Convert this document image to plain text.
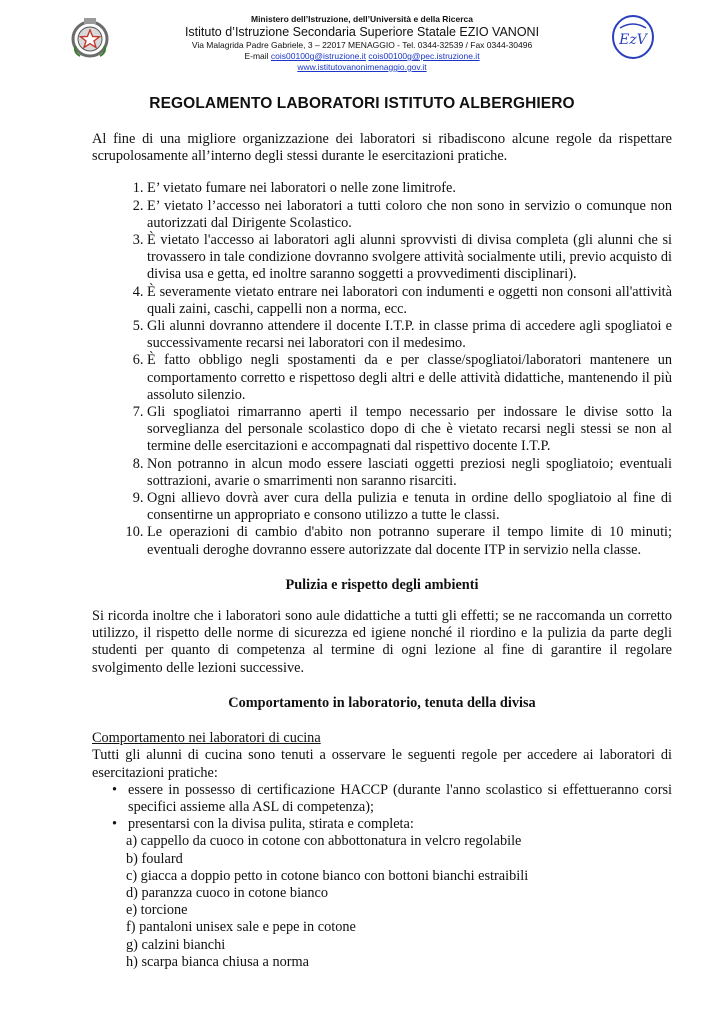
Ministero dell’Istruzione, dell’Università e della Ricerca
Istituto d’Istruzione Secondaria Superiore Statale EZIO VANONI
Via Malagrida Padre Gabriele, 3 – 22017 MENAGGIO - Tel. 0344-32539 / Fax 0344-30496
E-mail cois00100g@istruzione.it cois00100g@pec.istruzione.it
www.istitutovanonimenaggio.gov.it
EzV
REGOLAMENTO LABORATORI ISTITUTO ALBERGHIERO

Al fine di una migliore organizzazione dei laboratori si ribadiscono alcune regole da rispettare scrupolosamente all’interno degli stessi durante le esercitazioni pratiche.

1. E’ vietato fumare nei laboratori o nelle zone limitrofe.
2. E’ vietato l’accesso nei laboratori a tutti coloro che non sono in servizio o comunque non autorizzati dal Dirigente Scolastico.
3. È vietato l'accesso ai laboratori agli alunni sprovvisti di divisa completa (gli alunni che si trovassero in tale condizione dovranno svolgere attività socialmente utili, previo acquisto di divisa usa e getta, ed inoltre saranno soggetti a provvedimenti disciplinari).
4. È severamente vietato entrare nei laboratori con indumenti e oggetti non consoni all'attività quali zaini, caschi, cappelli non a norma, ecc.
5. Gli alunni dovranno attendere il docente I.T.P. in classe prima di accedere agli spogliatoi e successivamente recarsi nei laboratori con il medesimo.
6. È fatto obbligo negli spostamenti da e per classe/spogliatoi/laboratori mantenere un comportamento corretto e rispettoso degli altri e delle attività didattiche, mantenendo il più assoluto silenzio.
7. Gli spogliatoi rimarranno aperti il tempo necessario per indossare le divise sotto la sorveglianza del personale scolastico dopo di che è vietato recarsi negli stessi se non al termine delle esercitazioni e accompagnati dal rispettivo docente I.T.P.
8. Non potranno in alcun modo essere lasciati oggetti preziosi negli spogliatoio; eventuali sottrazioni, avarie o smarrimenti non saranno risarciti.
9. Ogni allievo dovrà aver cura della pulizia e tenuta in ordine dello spogliatoio al fine di consentirne un appropriato e consono utilizzo a tutte le classi.
10. Le operazioni di cambio d'abito non potranno superare il tempo limite di 10 minuti; eventuali deroghe dovranno essere autorizzate dal docente ITP in servizio nella classe.
Pulizia e rispetto degli ambienti

Si ricorda inoltre che i laboratori sono aule didattiche a tutti gli effetti; se ne raccomanda un corretto utilizzo, il rispetto delle norme di sicurezza ed igiene nonché il riordino e la pulizia da parte degli studenti per quanto di competenza al termine di ogni lezione al fine di garantire il regolare svolgimento delle lezioni successive.

Comportamento in laboratorio, tenuta della divisa
Comportamento nei laboratori di cucina

Tutti gli alunni di cucina sono tenuti a osservare le seguenti regole per accedere ai laboratori di esercitazioni pratiche:

• essere in possesso di certificazione HACCP (durante l'anno scolastico si effettueranno corsi specifici assieme alla ASL di competenza);
• presentarsi con la divisa pulita, stirata e completa:
a) cappello da cuoco in cotone con abbottonatura in velcro regolabile
b) foulard
c) giacca a doppio petto in cotone bianco con bottoni bianchi estraibili
d) paranzza cuoco in cotone bianco
e) torcione
f) pantaloni unisex sale e pepe in cotone
g) calzini bianchi
h) scarpa bianca chiusa a norma
